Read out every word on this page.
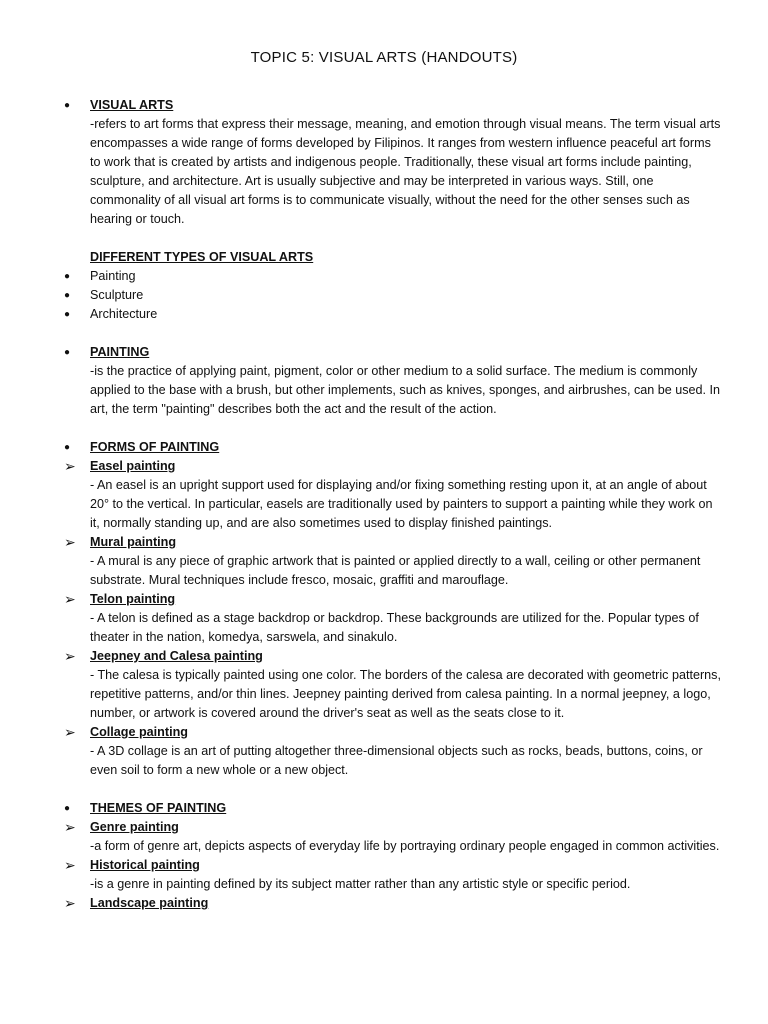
TOPIC 5: VISUAL ARTS (HANDOUTS)
●	VISUAL ARTS
-refers to art forms that express their message, meaning, and emotion through visual means. The term visual arts encompasses a wide range of forms developed by Filipinos. It ranges from western influence peaceful art forms to work that is created by artists and indigenous people. Traditionally, these visual art forms include painting, sculpture, and architecture. Art is usually subjective and may be interpreted in various ways. Still, one commonality of all visual art forms is to communicate visually, without the need for the other senses such as hearing or touch.
DIFFERENT TYPES OF VISUAL ARTS
●	Painting
●	Sculpture
●	Architecture
●	PAINTING
-is the practice of applying paint, pigment, color or other medium to a solid surface. The medium is commonly applied to the base with a brush, but other implements, such as knives, sponges, and airbrushes, can be used. In art, the term "painting" describes both the act and the result of the action.
●	FORMS OF PAINTING
➢	Easel painting
- An easel is an upright support used for displaying and/or fixing something resting upon it, at an angle of about 20° to the vertical. In particular, easels are traditionally used by painters to support a painting while they work on it, normally standing up, and are also sometimes used to display finished paintings.
➢	Mural painting
- A mural is any piece of graphic artwork that is painted or applied directly to a wall, ceiling or other permanent substrate. Mural techniques include fresco, mosaic, graffiti and marouflage.
➢	Telon painting
- A telon is defined as a stage backdrop or backdrop. These backgrounds are utilized for the. Popular types of theater in the nation, komedya, sarswela, and sinakulo.
➢	Jeepney and Calesa painting
- The calesa is typically painted using one color. The borders of the calesa are decorated with geometric patterns, repetitive patterns, and/or thin lines. Jeepney painting derived from calesa painting. In a normal jeepney, a logo, number, or artwork is covered around the driver's seat as well as the seats close to it.
➢	Collage painting
- A 3D collage is an art of putting altogether three-dimensional objects such as rocks, beads, buttons, coins, or even soil to form a new whole or a new object.
●	THEMES OF PAINTING
➢	Genre painting
-a form of genre art, depicts aspects of everyday life by portraying ordinary people engaged in common activities.
➢	Historical painting
-is a genre in painting defined by its subject matter rather than any artistic style or specific period.
➢	Landscape painting
